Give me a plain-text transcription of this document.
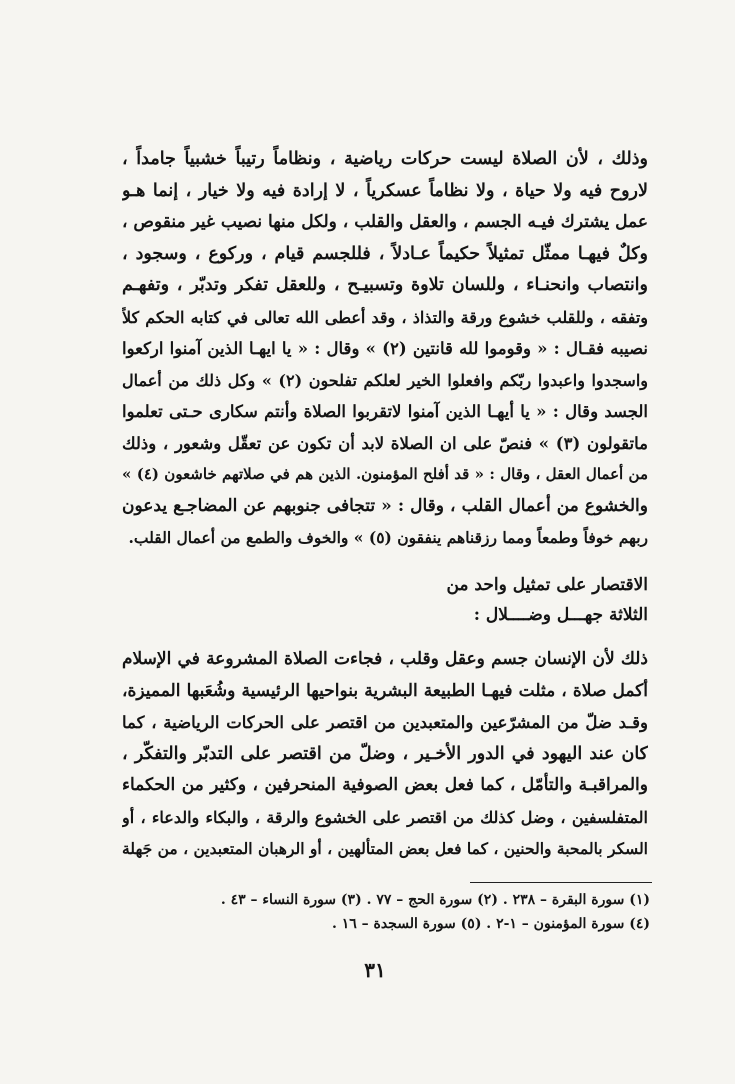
وذلك ، لأن الصلاة ليست حركات رياضية ، ونظاماً رتيباً خشبياً جامداً ،

لاروح فيه ولا حياة ، ولا نظاماً عسكرياً ، لا إرادة فيه ولا خيار ، إنما هـو

عمل يشترك فيـه الجسم ، والعقل والقلب ، ولكل منها نصيب غير منقوص ،

وكلٌ فيهـا ممثّل تمثيلاً حكيماً عـادلاً ، فللجسم قيام ، وركوع ، وسجود ،

وانتصاب وانحنـاء ، وللسان تلاوة وتسبيـح ، وللعقل تفكر وتدبّر ، وتفهـم

وتفقه ، وللقلب خشوع ورقة والتذاذ ، وقد أعطى الله تعالى في كتابه الحكم كلاً

نصيبه فقـال : « وقوموا لله قانتين (٢) » وقال : « يا ايهـا الذين آمنوا اركعوا

واسجدوا واعبدوا ربّكم وافعلوا الخير لعلكم تفلحون (٢) » وكل ذلك من أعمال

الجسد وقال : « يا أيهـا الذين آمنوا لاتقربوا الصلاة وأنتم سكارى حـتى تعلموا

ماتقولون (٣) » فنصّ على ان الصلاة لابد أن تكون عن تعقّل وشعور ، وذلك

من أعمال العقل ، وقال : « قد أفلح المؤمنون. الذين هم في صلاتهم خاشعون (٤) »

والخشوع من أعمال القلب ، وقال : « تتجافى جنوبهم عن المضاجـع يدعون

ربهم خوفاً وطمعاً ومما رزقناهم ينفقون (٥) » والخوف والطمع من أعمال القلب.

الاقتصار على تمثيل واحد من

الثلاثة جهـــل وضــــلال :

ذلك لأن الإنسان جسم وعقل وقلب ، فجاءت الصلاة المشروعة في الإسلام

أكمل صلاة ، مثلت فيهـا الطبيعة البشرية بنواحيها الرئيسية وشُعَبها المميزة،

وقـد ضلّ من المشرّعين والمتعبدين من اقتصر على الحركات الرياضية ، كما

كان عند اليهود في الدور الأخـير ، وضلّ من اقتصر على التدبّر والتفكّر ،

والمراقبـة والتأمّل ، كما فعل بعض الصوفية المنحرفين ، وكثير من الحكماء

المتفلسفين ، وضل كذلك من اقتصر على الخشوع والرقة ، والبكاء والدعاء ، أو

السكر بالمحبة والحنين ، كما فعل بعض المتألهين ، أو الرهبان المتعبدين ، من جَهلة

(١) سورة البقرة – ٢٣٨ . (٢) سورة الحج – ٧٧ . (٣) سورة النساء – ٤٣ .

(٤) سورة المؤمنون – ١-٢ . (٥) سورة السجدة – ١٦ .

٣١
